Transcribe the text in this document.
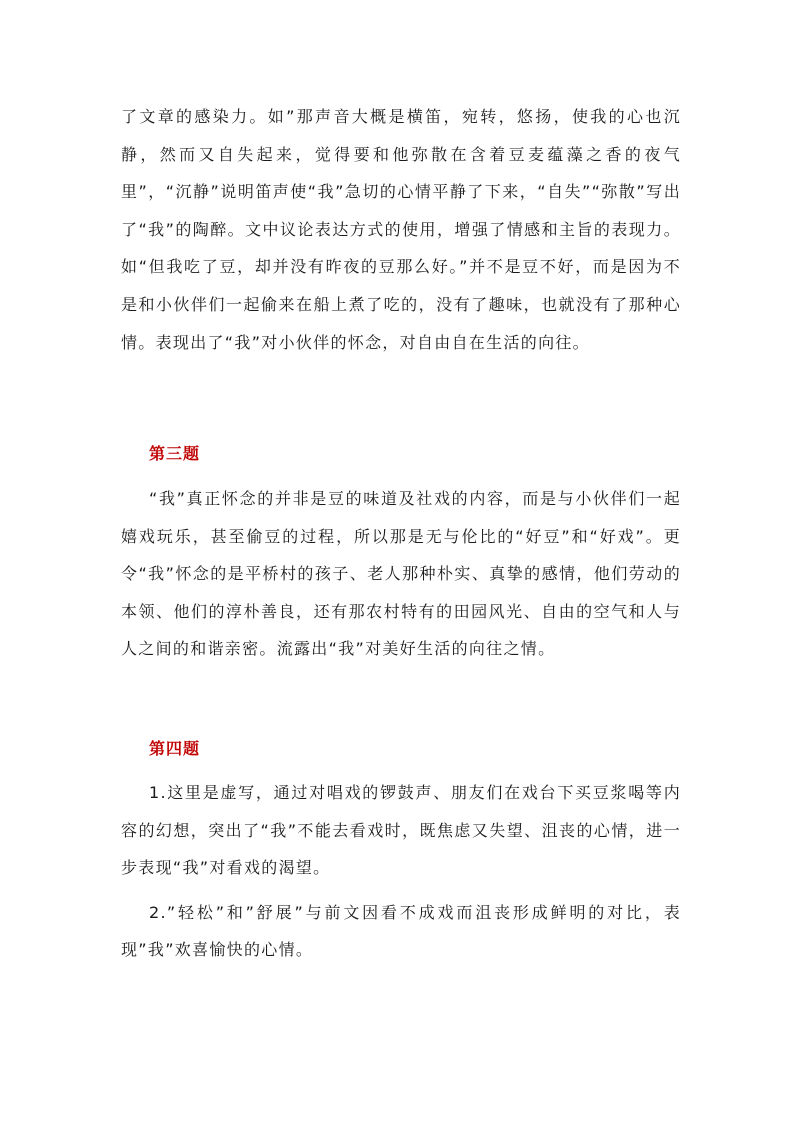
了文章的感染力。如”那声音大概是横笛，宛转，悠扬，使我的心也沉静，然而又自失起来，觉得要和他弥散在含着豆麦蕴藻之香的夜气里”，“沉静”说明笛声使“我”急切的心情平静了下来，“自失”“弥散”写出了“我”的陶醉。文中议论表达方式的使用，增强了情感和主旨的表现力。如“但我吃了豆，却并没有昨夜的豆那么好。”并不是豆不好，而是因为不是和小伙伴们一起偷来在船上煮了吃的，没有了趣味，也就没有了那种心情。表现出了“我”对小伙伴的怀念，对自由自在生活的向往。

第三题

“我”真正怀念的并非是豆的味道及社戏的内容，而是与小伙伴们一起嬉戏玩乐，甚至偷豆的过程，所以那是无与伦比的“好豆”和“好戏”。更令“我”怀念的是平桥村的孩子、老人那种朴实、真挚的感情，他们劳动的本领、他们的淳朴善良，还有那农村特有的田园风光、自由的空气和人与人之间的和谐亲密。流露出“我”对美好生活的向往之情。

第四题

1.这里是虚写，通过对唱戏的锣鼓声、朋友们在戏台下买豆浆喝等内容的幻想，突出了“我”不能去看戏时，既焦虑又失望、沮丧的心情，进一步表现“我”对看戏的渴望。

2.”轻松”和”舒展”与前文因看不成戏而沮丧形成鲜明的对比，表现”我”欢喜愉快的心情。
